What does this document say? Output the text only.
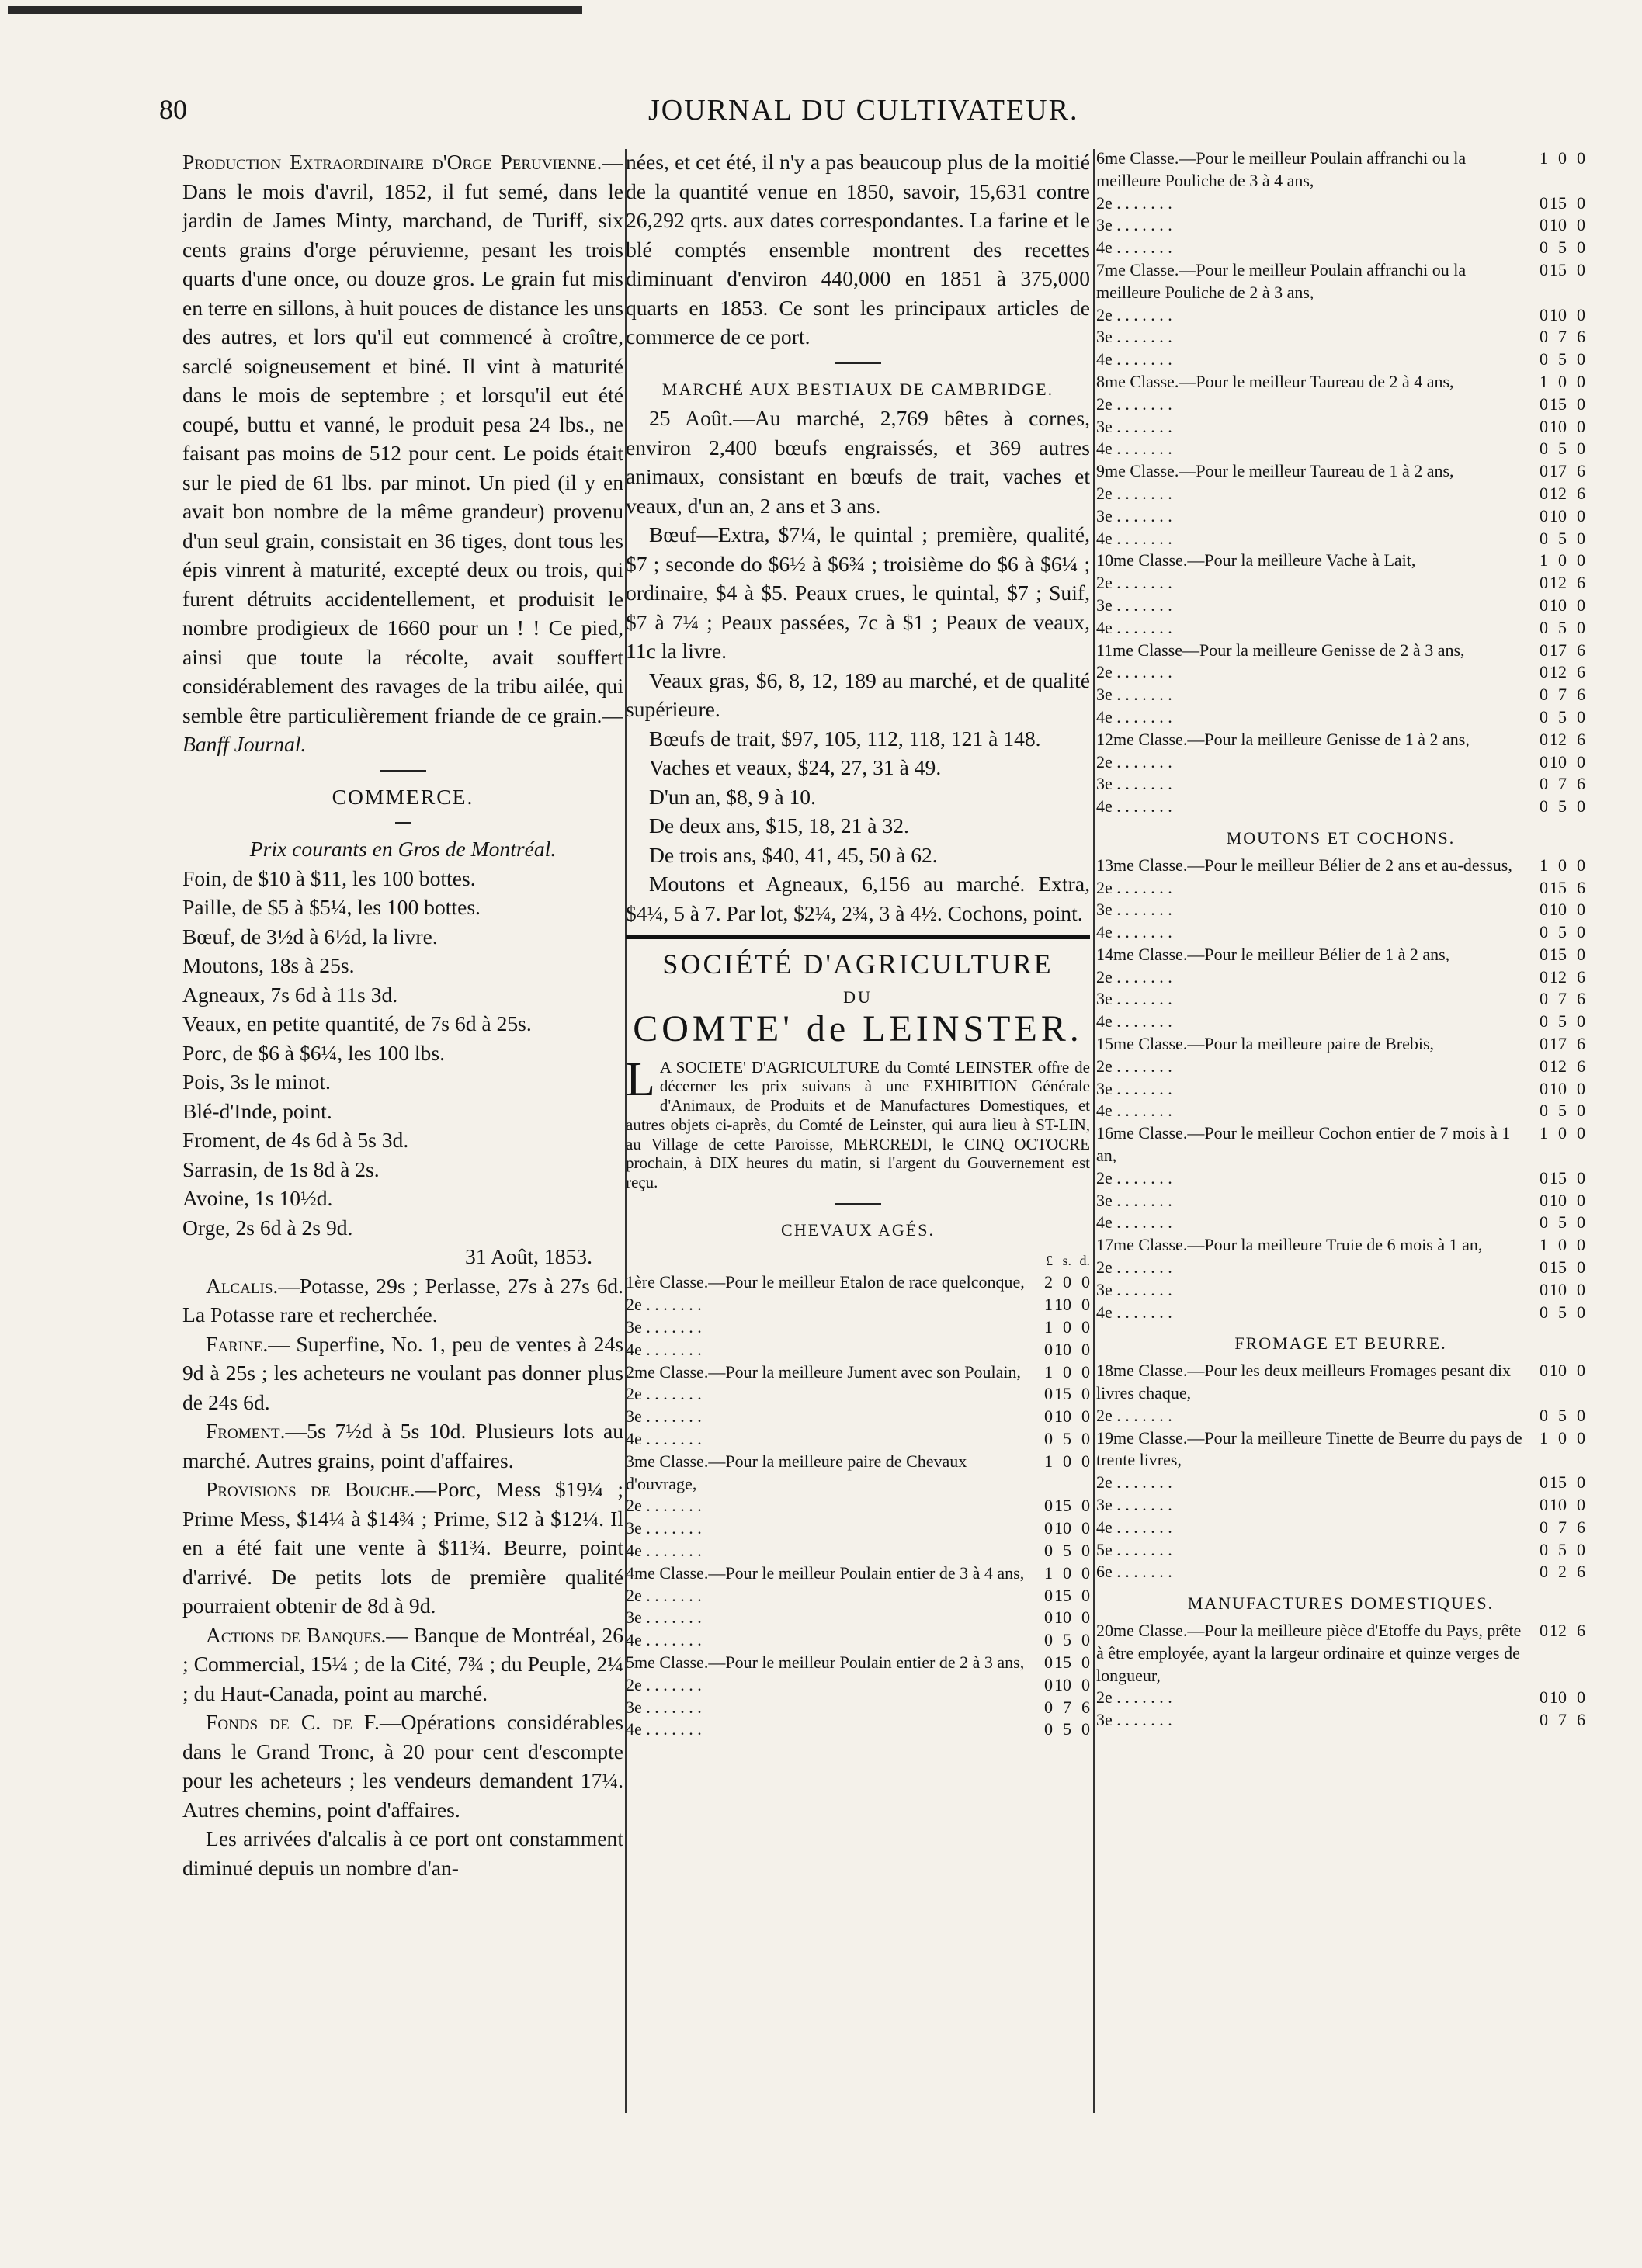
80	JOURNAL DU CULTIVATEUR.

Production Extraordinaire d'Orge Peruvienne.—Dans le mois d'avril, 1852, il fut semé, dans le jardin de James Minty, marchand, de Turiff, six cents grains d'orge péruvienne, pesant les trois quarts d'une once, ou douze gros. Le grain fut mis en terre en sillons, à huit pouces de distance les uns des autres, et lors qu'il eut commencé à croître, sarclé soigneusement et biné. Il vint à maturité dans le mois de septembre ; et lorsqu'il eut été coupé, buttu et vanné, le produit pesa 24 lbs., ne faisant pas moins de 512 pour cent. Le poids était sur le pied de 61 lbs. par minot. Un pied (il y en avait bon nombre de la même grandeur) provenu d'un seul grain, consistait en 36 tiges, dont tous les épis vinrent à maturité, excepté deux ou trois, qui furent détruits accidentellement, et produisit le nombre prodigieux de 1660 pour un ! ! Ce pied, ainsi que toute la récolte, avait souffert considérablement des ravages de la tribu ailée, qui semble être particulièrement friande de ce grain.—Banff Journal.

COMMERCE.

Prix courants en Gros de Montréal.

Foin, de $10 à $11, les 100 bottes.

Paille, de $5 à $5¼, les 100 bottes.

Bœuf, de 3½d à 6½d, la livre.

Moutons, 18s à 25s.

Agneaux, 7s 6d à 11s 3d.

Veaux, en petite quantité, de 7s 6d à 25s.

Porc, de $6 à $6¼, les 100 lbs.

Pois, 3s le minot.

Blé-d'Inde, point.

Froment, de 4s 6d à 5s 3d.

Sarrasin, de 1s 8d à 2s.

Avoine, 1s 10½d.

Orge, 2s 6d à 2s 9d.

31 Août, 1853.

Alcalis.—Potasse, 29s ; Perlasse, 27s à 27s 6d. La Potasse rare et recherchée.

Farine.— Superfine, No. 1, peu de ventes à 24s 9d à 25s ; les acheteurs ne voulant pas donner plus de 24s 6d.

Froment.—5s 7½d à 5s 10d. Plusieurs lots au marché. Autres grains, point d'affaires.

Provisions de Bouche.—Porc, Mess $19¼ ; Prime Mess, $14¼ à $14¾ ; Prime, $12 à $12¼. Il en a été fait une vente à $11¾. Beurre, point d'arrivé. De petits lots de première qualité pourraient obtenir de 8d à 9d.

Actions de Banques.— Banque de Montréal, 26 ; Commercial, 15¼ ; de la Cité, 7¾ ; du Peuple, 2¼ ; du Haut-Canada, point au marché.

Fonds de C. de F.—Opérations considérables dans le Grand Tronc, à 20 pour cent d'escompte pour les acheteurs ; les vendeurs demandent 17¼. Autres chemins, point d'affaires.

Les arrivées d'alcalis à ce port ont constamment diminué depuis un nombre d'an-

nées, et cet été, il n'y a pas beaucoup plus de la moitié de la quantité venue en 1850, savoir, 15,631 contre 26,292 qrts. aux dates correspondantes. La farine et le blé comptés ensemble montrent des recettes diminuant d'environ 440,000 en 1851 à 375,000 quarts en 1853. Ce sont les principaux articles de commerce de ce port.

MARCHÉ AUX BESTIAUX DE CAMBRIDGE.

25 Août.—Au marché, 2,769 bêtes à cornes, environ 2,400 bœufs engraissés, et 369 autres animaux, consistant en bœufs de trait, vaches et veaux, d'un an, 2 ans et 3 ans.

Bœuf—Extra, $7¼, le quintal ; première, qualité, $7 ; seconde do $6½ à $6¾ ; troisième do $6 à $6¼ ; ordinaire, $4 à $5. Peaux crues, le quintal, $7 ; Suif, $7 à 7¼ ; Peaux passées, 7c à $1 ; Peaux de veaux, 11c la livre.

Veaux gras, $6, 8, 12, 189 au marché, et de qualité supérieure.

Bœufs de trait, $97, 105, 112, 118, 121 à 148.

Vaches et veaux, $24, 27, 31 à 49.

D'un an, $8, 9 à 10.

De deux ans, $15, 18, 21 à 32.

De trois ans, $40, 41, 45, 50 à 62.

Moutons et Agneaux, 6,156 au marché. Extra, $4¼, 5 à 7. Par lot, $2¼, 2¾, 3 à 4½. Cochons, point.

SOCIÉTÉ D'AGRICULTURE

DU

COMTE' de LEINSTER.

L A SOCIETE' D'AGRICULTURE du Comté LEINSTER offre de décerner les prix suivans à une EXHIBITION Générale d'Animaux, de Produits et de Manufactures Domestiques, et autres objets ci-après, du Comté de Leinster, qui aura lieu à ST-LIN, au Village de cette Paroisse, MERCREDI, le CINQ OCTOCRE prochain, à DIX heures du matin, si l'argent du Gouvernement est reçu.

CHEVAUX AGÉS.

	£	s.	d.
1ère Classe.—Pour le meilleur Etalon de race quelconque,	2	0	0
2e . . . . . . .	1	10	0
3e . . . . . . .	1	0	0
4e . . . . . . .	0	10	0
2me Classe.—Pour la meilleure Jument avec son Poulain,	1	0	0
2e . . . . . . .	0	15	0
3e . . . . . . .	0	10	0
4e . . . . . . .	0	5	0
3me Classe.—Pour la meilleure paire de Chevaux d'ouvrage,	1	0	0
2e . . . . . . .	0	15	0
3e . . . . . . .	0	10	0
4e . . . . . . .	0	5	0
4me Classe.—Pour le meilleur Poulain entier de 3 à 4 ans,	1	0	0
2e . . . . . . .	0	15	0
3e . . . . . . .	0	10	0
4e . . . . . . .	0	5	0
5me Classe.—Pour le meilleur Poulain entier de 2 à 3 ans,	0	15	0
2e . . . . . . .	0	10	0
3e . . . . . . .	0	7	6
4e . . . . . . .	0	5	0
6me Classe.—Pour le meilleur Poulain affranchi ou la meilleure Pouliche de 3 à 4 ans,	1	0	0
2e . . . . . . .	0	15	0
3e . . . . . . .	0	10	0
4e . . . . . . .	0	5	0
7me Classe.—Pour le meilleur Poulain affranchi ou la meilleure Pouliche de 2 à 3 ans,	0	15	0
2e . . . . . . .	0	10	0
3e . . . . . . .	0	7	6
4e . . . . . . .	0	5	0
8me Classe.—Pour le meilleur Taureau de 2 à 4 ans,	1	0	0
2e . . . . . . .	0	15	0
3e . . . . . . .	0	10	0
4e . . . . . . .	0	5	0
9me Classe.—Pour le meilleur Taureau de 1 à 2 ans,	0	17	6
2e . . . . . . .	0	12	6
3e . . . . . . .	0	10	0
4e . . . . . . .	0	5	0
10me Classe.—Pour la meilleure Vache à Lait,	1	0	0
2e . . . . . . .	0	12	6
3e . . . . . . .	0	10	0
4e . . . . . . .	0	5	0
11me Classe—Pour la meilleure Genisse de 2 à 3 ans,	0	17	6
2e . . . . . . .	0	12	6
3e . . . . . . .	0	7	6
4e . . . . . . .	0	5	0
12me Classe.—Pour la meilleure Genisse de 1 à 2 ans,	0	12	6
2e . . . . . . .	0	10	0
3e . . . . . . .	0	7	6
4e . . . . . . .	0	5	0

MOUTONS ET COCHONS.

13me Classe.—Pour le meilleur Bélier de 2 ans et au-dessus,	1	0	0
2e . . . . . . .	0	15	6
3e . . . . . . .	0	10	0
4e . . . . . . .	0	5	0
14me Classe.—Pour le meilleur Bélier de 1 à 2 ans,	0	15	0
2e . . . . . . .	0	12	6
3e . . . . . . .	0	7	6
4e . . . . . . .	0	5	0
15me Classe.—Pour la meilleure paire de Brebis,	0	17	6
2e . . . . . . .	0	12	6
3e . . . . . . .	0	10	0
4e . . . . . . .	0	5	0
16me Classe.—Pour le meilleur Cochon entier de 7 mois à 1 an,	1	0	0
2e . . . . . . .	0	15	0
3e . . . . . . .	0	10	0
4e . . . . . . .	0	5	0
17me Classe.—Pour la meilleure Truie de 6 mois à 1 an,	1	0	0
2e . . . . . . .	0	15	0
3e . . . . . . .	0	10	0
4e . . . . . . .	0	5	0

FROMAGE ET BEURRE.

18me Classe.—Pour les deux meilleurs Fromages pesant dix livres chaque,	0	10	0
2e . . . . . . .	0	5	0
19me Classe.—Pour la meilleure Tinette de Beurre du pays de trente livres,	1	0	0
2e . . . . . . .	0	15	0
3e . . . . . . .	0	10	0
4e . . . . . . .	0	7	6
5e . . . . . . .	0	5	0
6e . . . . . . .	0	2	6

MANUFACTURES DOMESTIQUES.

20me Classe.—Pour la meilleure pièce d'Etoffe du Pays, prête à être employée, ayant la largeur ordinaire et quinze verges de longueur,	0	12	6
2e . . . . . . .	0	10	0
3e . . . . . . .	0	7	6
